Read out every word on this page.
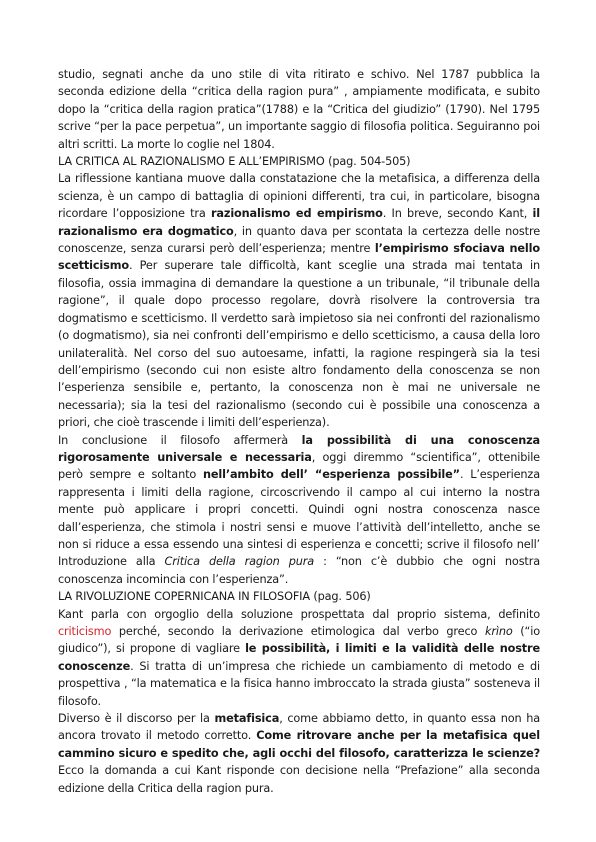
studio, segnati anche da uno stile di vita ritirato e schivo. Nel 1787 pubblica la seconda edizione della “critica della ragion pura” , ampiamente modificata, e subito dopo la “critica della ragion pratica”(1788) e la “Critica del giudizio” (1790). Nel 1795 scrive “per la pace perpetua”, un importante saggio di filosofia politica. Seguiranno poi altri scritti. La morte lo coglie nel 1804.

LA CRITICA AL RAZIONALISMO E ALL’EMPIRISMO (pag. 504-505)

La riflessione kantiana muove dalla constatazione che la metafisica, a differenza della scienza, è un campo di battaglia di opinioni differenti, tra cui, in particolare, bisogna ricordare l’opposizione tra razionalismo ed empirismo. In breve, secondo Kant, il razionalismo era dogmatico, in quanto dava per scontata la certezza delle nostre conoscenze, senza curarsi però dell’esperienza; mentre l’empirismo sfociava nello scetticismo. Per superare tale difficoltà, kant sceglie una strada mai tentata in filosofia, ossia immagina di demandare la questione a un tribunale, “il tribunale della ragione”, il quale dopo processo regolare, dovrà risolvere la controversia tra dogmatismo e scetticismo. Il verdetto sarà impietoso sia nei confronti del razionalismo (o dogmatismo), sia nei confronti dell’empirismo e dello scetticismo, a causa della loro unilateralità. Nel corso del suo autoesame, infatti, la ragione respingerà sia la tesi dell’empirismo (secondo cui non esiste altro fondamento della conoscenza se non l’esperienza sensibile e, pertanto, la conoscenza non è mai ne universale ne necessaria); sia la tesi del razionalismo (secondo cui è possibile una conoscenza a priori, che cioè trascende i limiti dell’esperienza).

In conclusione il filosofo affermerà la possibilità di una conoscenza rigorosamente universale e necessaria, oggi diremmo “scientifica”, ottenibile però sempre e soltanto nell’ambito dell’ “esperienza possibile”. L’esperienza rappresenta i limiti della ragione, circoscrivendo il campo al cui interno la nostra mente può applicare i propri concetti. Quindi ogni nostra conoscenza nasce dall’esperienza, che stimola i nostri sensi e muove l’attività dell’intelletto, anche se non si riduce a essa essendo una sintesi di esperienza e concetti; scrive il filosofo nell’ Introduzione alla Critica della ragion pura : “non c’è dubbio che ogni nostra conoscenza incomincia con l’esperienza”.

LA RIVOLUZIONE COPERNICANA IN FILOSOFIA (pag. 506)

Kant parla con orgoglio della soluzione prospettata dal proprio sistema, definito criticismo perché, secondo la derivazione etimologica dal verbo greco krìno (“io giudico”), si propone di vagliare le possibilità, i limiti e la validità delle nostre conoscenze. Si tratta di un’impresa che richiede un cambiamento di metodo e di prospettiva , “la matematica e la fisica hanno imbroccato la strada giusta” sosteneva il filosofo.

Diverso è il discorso per la metafisica, come abbiamo detto, in quanto essa non ha ancora trovato il metodo corretto. Come ritrovare anche per la metafisica quel cammino sicuro e spedito che, agli occhi del filosofo, caratterizza le scienze? Ecco la domanda a cui Kant risponde con decisione nella “Prefazione” alla seconda edizione della Critica della ragion pura.
